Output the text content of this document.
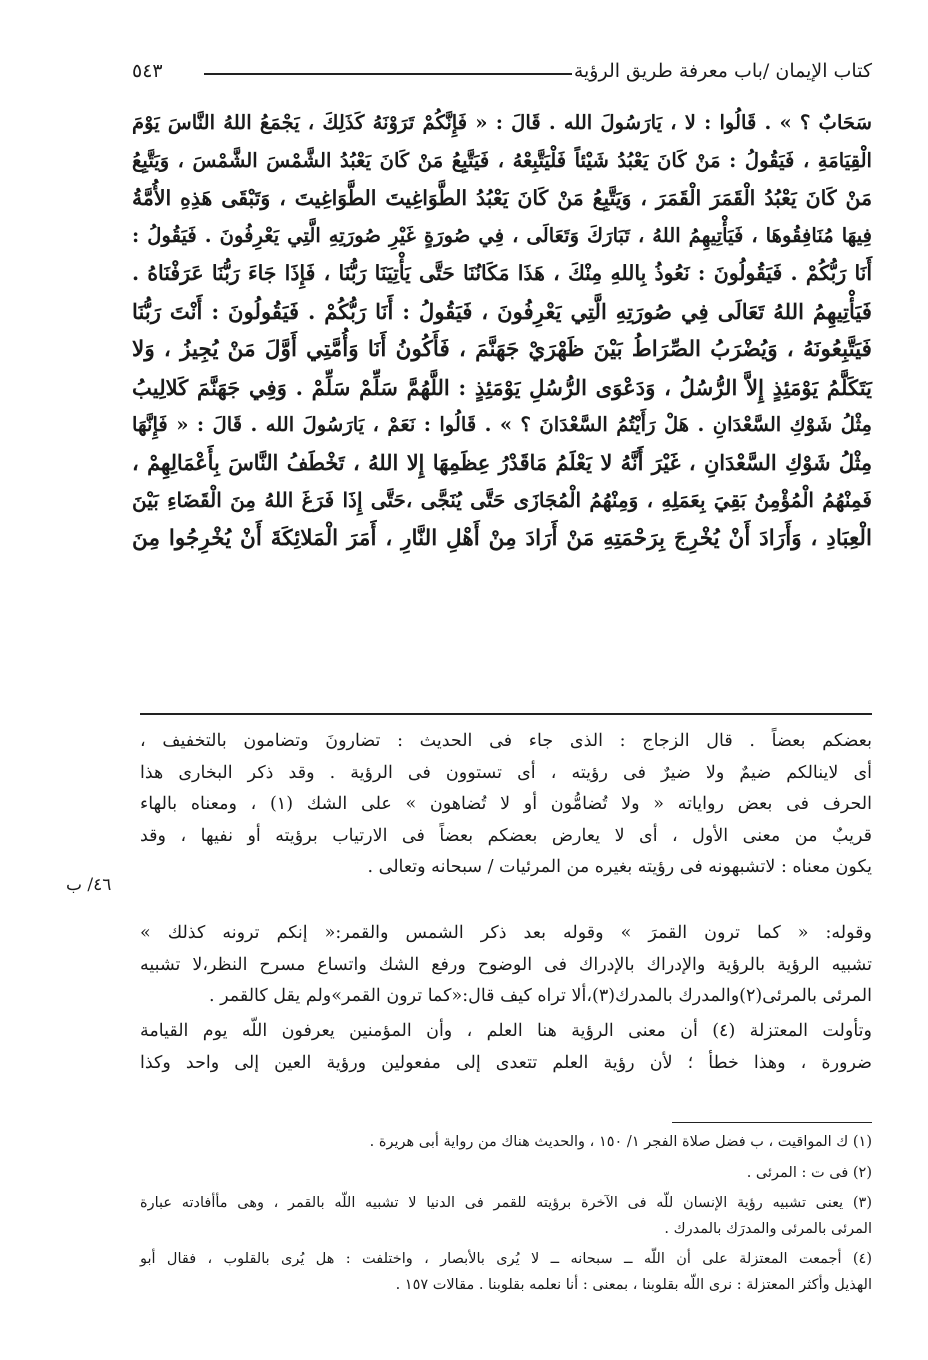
كتاب الإيمان /باب معرفة طريق الرؤية
٥٤٣
سَحَابٌ ؟ » . قَالُوا : لا ، يَارَسُولَ الله . قَالَ : « فَإِنَّكُمْ تَرَوْنَهُ كَذَلِكَ ، يَجْمَعُ اللهُ النَّاسَ يَوْمَ
الْقِيَامَةِ ، فَيَقُولُ : مَنْ كَانَ يَعْبُدُ شَيْئاً فَلْيَتَّبِعْهُ ، فَيَتَّبِعُ مَنْ كَانَ يَعْبُدُ الشَّمْسَ الشَّمْسَ ، وَيَتَّبِعُ
مَنْ كَانَ يَعْبُدُ الْقَمَرَ الْقَمَرَ ، وَيَتَّبِعُ مَنْ كَانَ يَعْبُدُ الطَّوَاغِيتَ الطَّوَاغِيتَ ، وَتَبْقَى هَذِهِ الأُمَّةُ
فِيهَا مُنَافِقُوهَا ، فَيَأْتِيهِمُ اللهُ ، تَبَارَكَ وَتَعَالَى ، فِي صُورَةٍ غَيْرِ صُورَتِهِ الَّتِي يَعْرِفُونَ . فَيَقُولُ :
أَنَا رَبُّكُمْ . فَيَقُولُونَ : نَعُوذُ بِاللهِ مِنْكَ ، هَذَا مَكَانُنَا حَتَّى يَأْتِيَنَا رَبُّنَا ، فَإِذَا جَاءَ رَبُّنَا عَرَفْنَاهُ .
فَيَأْتِيهِمُ اللهُ تَعَالَى فِي صُورَتِهِ الَّتِي يَعْرِفُونَ ، فَيَقُولُ : أَنَا رَبُّكُمْ . فَيَقُولُونَ : أَنْتَ رَبُّنَا
فَيَتَّبِعُونَهُ ، وَيُضْرَبُ الصِّرَاطُ بَيْنَ ظَهْرَيْ جَهَنَّمَ ، فَأَكُونُ أَنَا وَأُمَّتِي أَوَّلَ مَنْ يُجِيزُ ، وَلا
يَتَكَلَّمُ يَوْمَئِذٍ إِلاَّ الرُّسُلُ ، وَدَعْوَى الرُّسُلِ يَوْمَئِذٍ : اللَّهُمَّ سَلِّمْ سَلِّمْ . وَفِي جَهَنَّمَ كَلالِيبُ
مِثْلُ شَوْكِ السَّعْدَانِ . هَلْ رَأَيْتُمُ السَّعْدَانَ ؟ » . قَالُوا : نَعَمْ ، يَارَسُولَ الله . قَالَ : « فَإِنَّهَا
مِثْلُ شَوْكِ السَّعْدَانِ ، غَيْرَ أَنَّهُ لا يَعْلَمُ مَاقَدْرُ عِظَمِهَا إِلا اللهُ ، تَخْطَفُ النَّاسَ بِأَعْمَالِهِمْ ،
فَمِنْهُمُ الْمُؤْمِنُ بَقِيَ بِعَمَلِهِ ، وَمِنْهُمُ الْمُجَازَى حَتَّى يُنَجَّى ،حَتَّى إِذَا فَرَغَ اللهُ مِنَ الْقَضَاءِ بَيْنَ
الْعِبَادِ ، وَأَرَادَ أَنْ يُخْرِجَ بِرَحْمَتِهِ مَنْ أَرَادَ مِنْ أَهْلِ النَّارِ ، أَمَرَ الْمَلائِكَةَ أَنْ يُخْرِجُوا مِنَ
بعضكم بعضاً . قال الزجاج : الذى جاء فى الحديث : تضارونَ وتضامون بالتخفيف ،
أى لاينالكم ضيمٌ ولا ضيرٌ فى رؤيته ، أى تستوون فى الرؤية . وقد ذكر البخارى هذا
الحرف فى بعض رواياته « ولا تُضامُّون أو لا تُضاهون » على الشك (١) ، ومعناه بالهاء
قريبٌ من معنى الأول ، أى لا يعارض بعضكم بعضاً فى الارتياب برؤيته أو نفيها ، وقد
يكون معناه : لاتشبهونه فى رؤيته بغيره من المرئيات / سبحانه وتعالى .
٤٦/ ب
وقوله: « كما ترون القمرَ » وقوله بعد ذكر الشمس والقمر:« إنكم ترونه كذلك »
تشبيه الرؤية بالرؤية والإدراك بالإدراك فى الوضوح ورفع الشك واتساع مسرح النظر،لا تشبيه
المرئى بالمرئى(٢)والمدرك بالمدرك(٣)،ألا تراه كيف قال:«كما ترون القمر»ولم يقل كالقمر .
وتأولت المعتزلة (٤) أن معنى الرؤية هنا العلم ، وأن المؤمنين يعرفون اللّه يوم القيامة
ضرورة ، وهذا خطأ ؛ لأن رؤية العلم تتعدى إلى مفعولين ورؤية العين إلى واحد وكذا
(١) ك المواقيت ، ب فضل صلاة الفجر ١/ ١٥٠ ، والحديث هناك من رواية أبى هريرة .
(٢) فى ت : المرئى .
(٣) يعنى تشبيه رؤية الإنسان للّه فى الآخرة برؤيته للقمر فى الدنيا لا تشبيه اللّه بالقمر ، وهى مأأفادته عبارة
المرئى بالمرئى والمدرَك بالمدرك .
(٤) أجمعت المعتزلة على أن اللّه ــ سبحانه ــ لا يُرى بالأبصار ، واختلفت : هل يُرى بالقلوب ، فقال أبو
الهذيل وأكثر المعتزلة : نرى اللّه بقلوبنا ، بمعنى : أنا نعلمه بقلوبنا . مقالات ١٥٧ .
